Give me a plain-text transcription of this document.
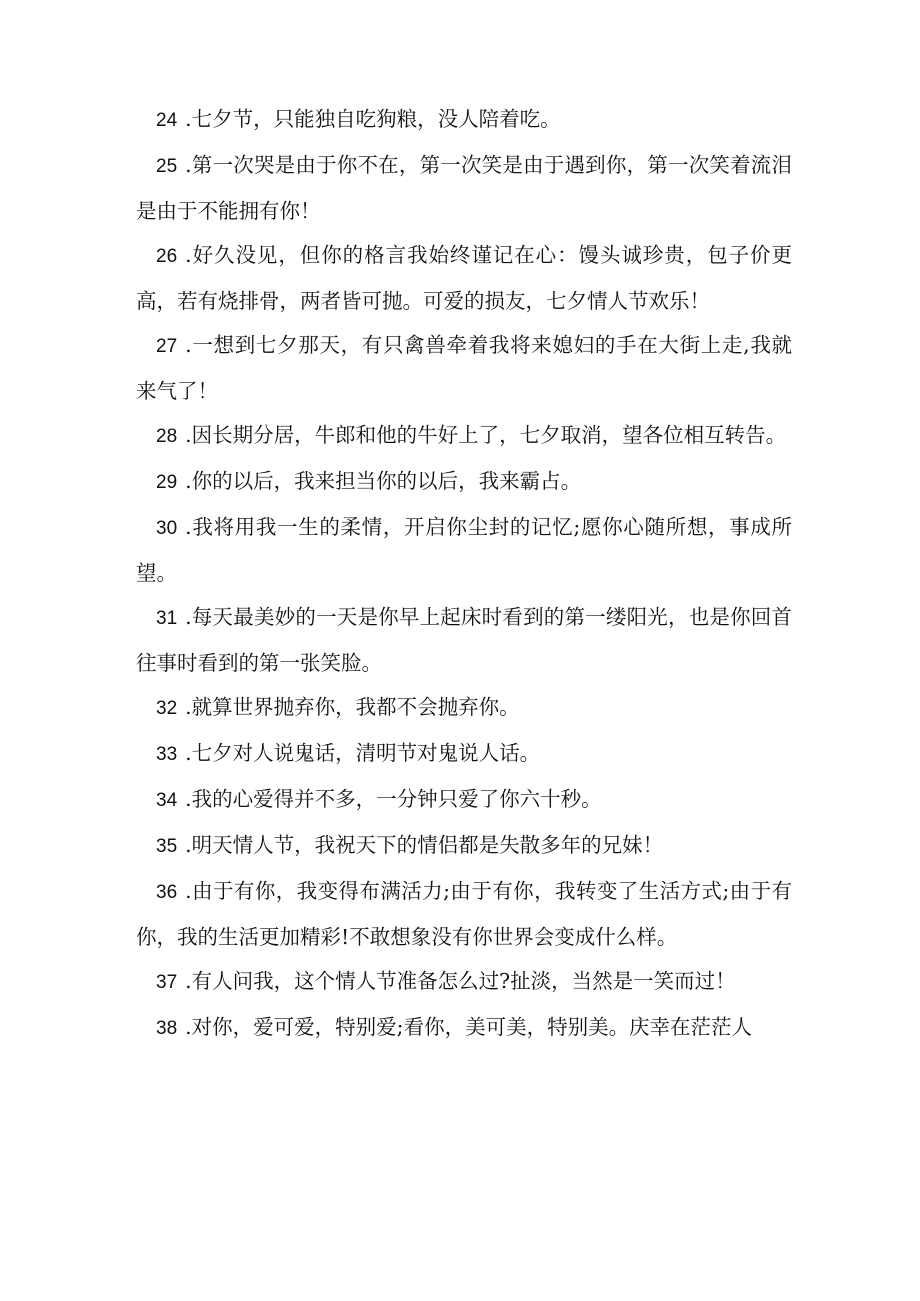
24 .七夕节，只能独自吃狗粮，没人陪着吃。

25 .第一次哭是由于你不在，第一次笑是由于遇到你，第一次笑着流泪是由于不能拥有你！

26 .好久没见，但你的格言我始终谨记在心：馒头诚珍贵，包子价更高，若有烧排骨，两者皆可抛。可爱的损友，七夕情人节欢乐！

27 .一想到七夕那天，有只禽兽牵着我将来媳妇的手在大街上走,我就来气了！

28 .因长期分居，牛郎和他的牛好上了，七夕取消，望各位相互转告。

29 .你的以后，我来担当你的以后，我来霸占。

30 .我将用我一生的柔情，开启你尘封的记忆;愿你心随所想，事成所望。

31 .每天最美妙的一天是你早上起床时看到的第一缕阳光，也是你回首往事时看到的第一张笑脸。

32 .就算世界抛弃你，我都不会抛弃你。

33 .七夕对人说鬼话，清明节对鬼说人话。

34 .我的心爱得并不多，一分钟只爱了你六十秒。

35 .明天情人节，我祝天下的情侣都是失散多年的兄妹！

36 .由于有你，我变得布满活力;由于有你，我转变了生活方式;由于有你，我的生活更加精彩!不敢想象没有你世界会变成什么样。

37 .有人问我，这个情人节准备怎么过?扯淡，当然是一笑而过！

38 .对你，爱可爱，特别爱;看你，美可美，特别美。庆幸在茫茫人
